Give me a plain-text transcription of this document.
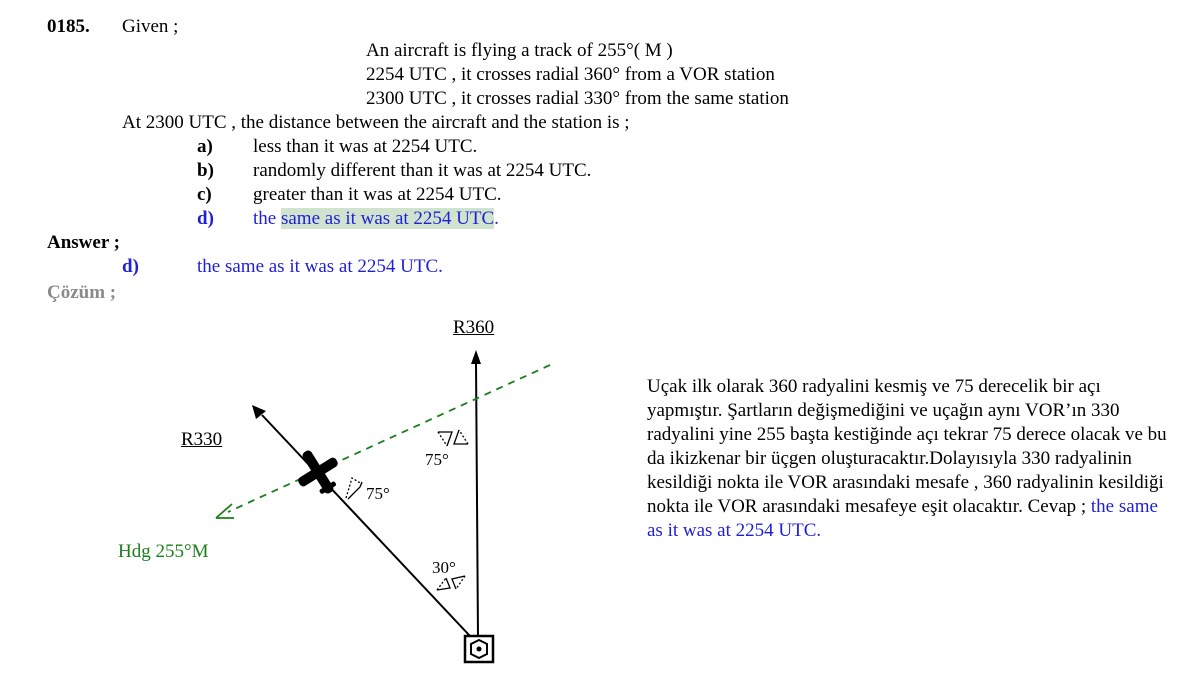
0185. Given ;
An aircraft is flying a track of 255°( M )
2254 UTC , it crosses radial 360° from a VOR station
2300 UTC , it crosses radial 330° from the same station
At 2300 UTC , the distance between the aircraft and the station is ;
a) less than it was at 2254 UTC.
b) randomly different than it was at 2254 UTC.
c) greater than it was at 2254 UTC.
d) the same as it was at 2254 UTC.
Answer ;
d)	the same as it was at 2254 UTC.
Çözüm ;
R360
R330
75°
75°
30°
Hdg 255°M
Uçak ilk olarak 360 radyalini kesmiş ve 75 derecelik bir açı yapmıştır. Şartların değişmediğini ve uçağın aynı VOR’ın 330 radyalini yine 255 başta kestiğinde açı tekrar 75 derece olacak ve bu da ikizkenar bir üçgen oluşturacaktır.Dolayısıyla 330 radyalinin kesildiği nokta ile VOR arasındaki mesafe , 360 radyalinin kesildiği nokta ile VOR arasındaki mesafeye eşit olacaktır. Cevap ; the same as it was at 2254 UTC.
